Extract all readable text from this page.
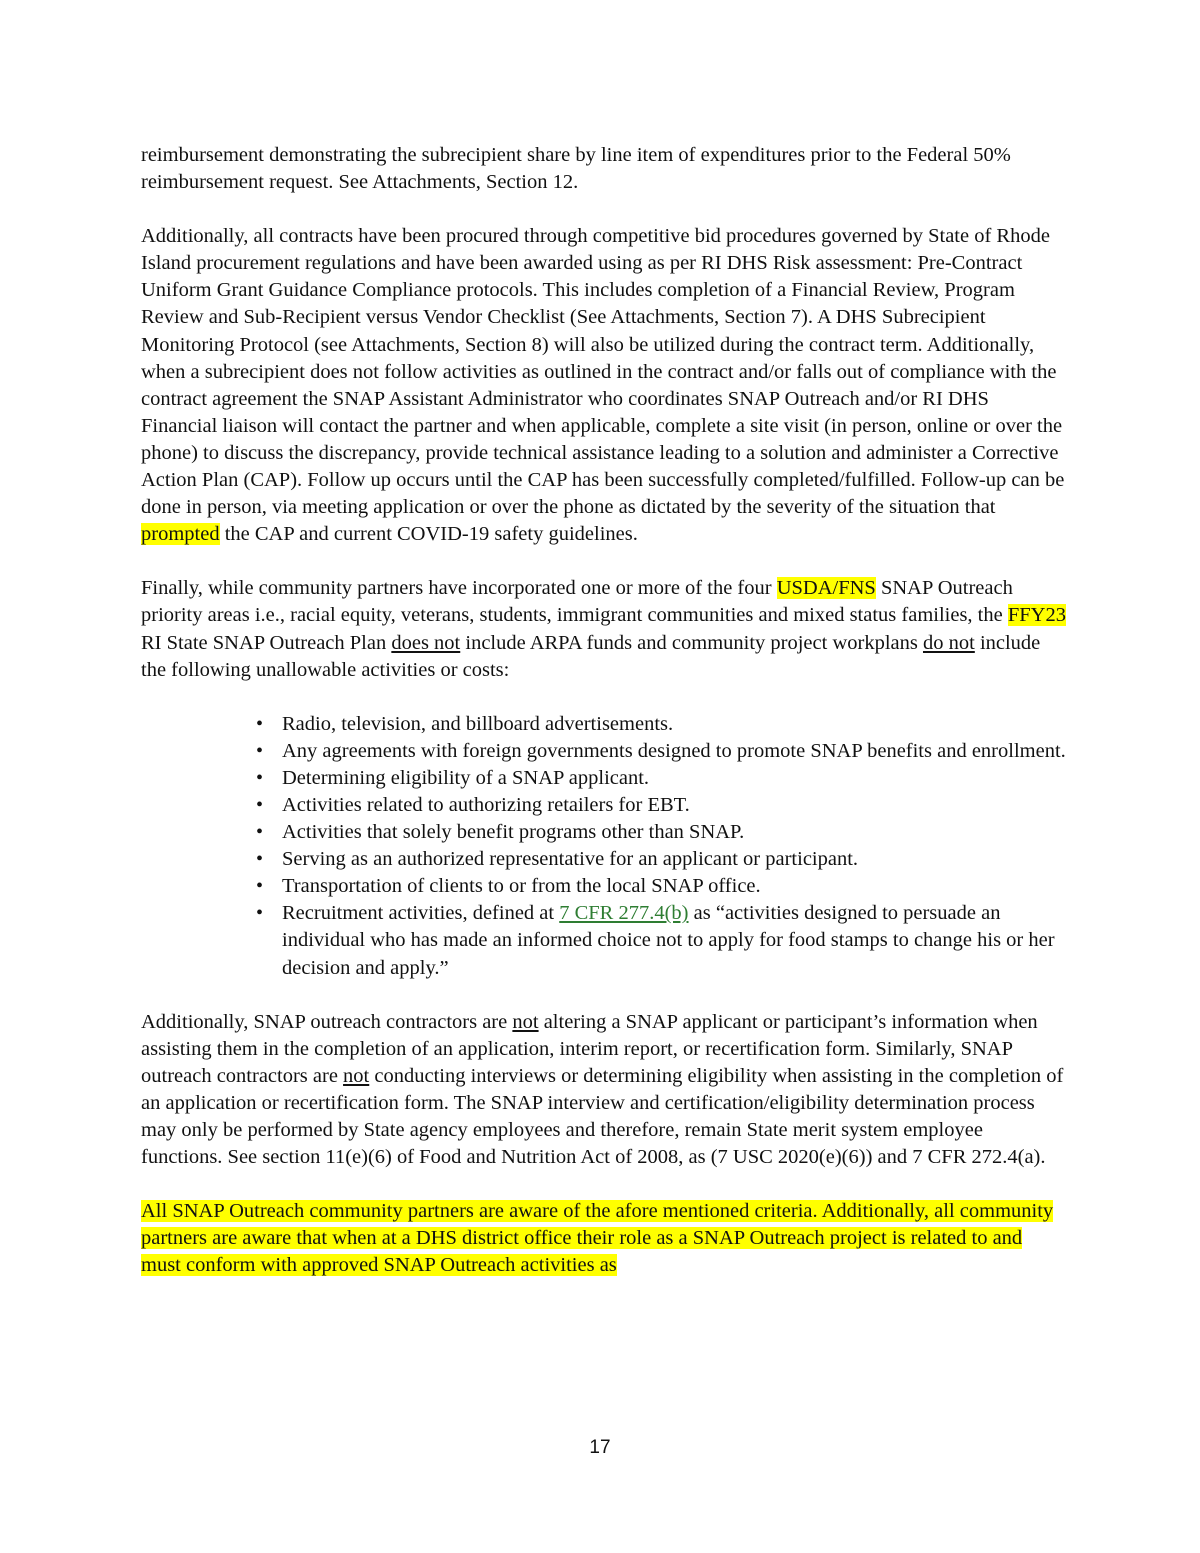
reimbursement demonstrating the subrecipient share by line item of expenditures prior to the Federal 50% reimbursement request. See Attachments, Section 12.

Additionally, all contracts have been procured through competitive bid procedures governed by State of Rhode Island procurement regulations and have been awarded using as per RI DHS Risk assessment: Pre-Contract Uniform Grant Guidance Compliance protocols. This includes completion of a Financial Review, Program Review and Sub-Recipient versus Vendor Checklist (See Attachments, Section 7). A DHS Subrecipient Monitoring Protocol (see Attachments, Section 8) will also be utilized during the contract term. Additionally, when a subrecipient does not follow activities as outlined in the contract and/or falls out of compliance with the contract agreement the SNAP Assistant Administrator who coordinates SNAP Outreach and/or RI DHS Financial liaison will contact the partner and when applicable, complete a site visit (in person, online or over the phone) to discuss the discrepancy, provide technical assistance leading to a solution and administer a Corrective Action Plan (CAP). Follow up occurs until the CAP has been successfully completed/fulfilled. Follow-up can be done in person, via meeting application or over the phone as dictated by the severity of the situation that prompted the CAP and current COVID-19 safety guidelines.

Finally, while community partners have incorporated one or more of the four USDA/FNS SNAP Outreach priority areas i.e., racial equity, veterans, students, immigrant communities and mixed status families, the FFY23 RI State SNAP Outreach Plan does not include ARPA funds and community project workplans do not include the following unallowable activities or costs:

• Radio, television, and billboard advertisements.
• Any agreements with foreign governments designed to promote SNAP benefits and enrollment.
• Determining eligibility of a SNAP applicant.
• Activities related to authorizing retailers for EBT.
• Activities that solely benefit programs other than SNAP.
• Serving as an authorized representative for an applicant or participant.
• Transportation of clients to or from the local SNAP office.
• Recruitment activities, defined at 7 CFR 277.4(b) as “activities designed to persuade an individual who has made an informed choice not to apply for food stamps to change his or her decision and apply.”

Additionally, SNAP outreach contractors are not altering a SNAP applicant or participant’s information when assisting them in the completion of an application, interim report, or recertification form. Similarly, SNAP outreach contractors are not conducting interviews or determining eligibility when assisting in the completion of an application or recertification form. The SNAP interview and certification/eligibility determination process may only be performed by State agency employees and therefore, remain State merit system employee functions. See section 11(e)(6) of Food and Nutrition Act of 2008, as (7 USC 2020(e)(6)) and 7 CFR 272.4(a).

All SNAP Outreach community partners are aware of the afore mentioned criteria. Additionally, all community partners are aware that when at a DHS district office their role as a SNAP Outreach project is related to and must conform with approved SNAP Outreach activities as

17
